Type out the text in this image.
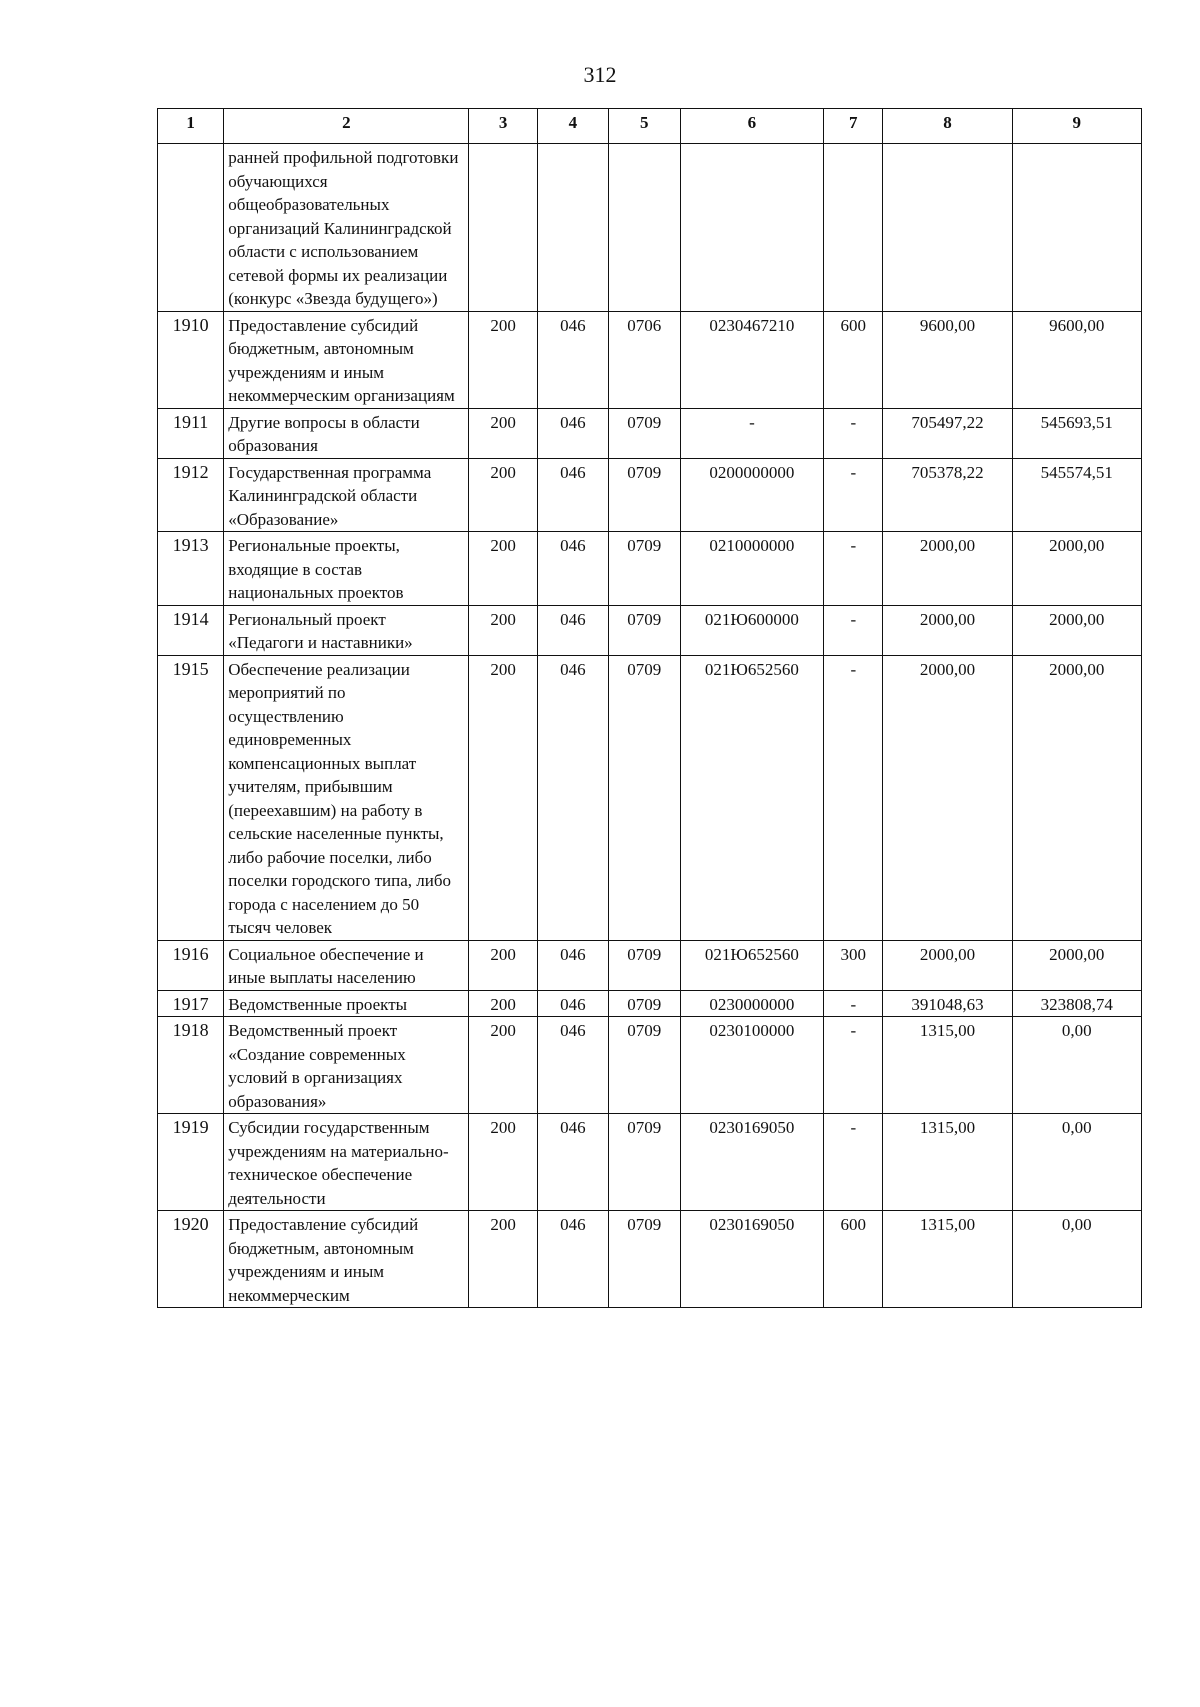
312
1	2	3	4	5	6	7	8	9
	ранней профильной подготовки обучающихся общеобразовательных организаций Калининградской области с использованием сетевой формы их реализации (конкурс «Звезда будущего»)							
1910	Предоставление субсидий бюджетным, автономным учреждениям и иным некоммерческим организациям	200	046	0706	0230467210	600	9600,00	9600,00
1911	Другие вопросы в области образования	200	046	0709	-	-	705497,22	545693,51
1912	Государственная программа Калининградской области «Образование»	200	046	0709	0200000000	-	705378,22	545574,51
1913	Региональные проекты, входящие в состав национальных проектов	200	046	0709	0210000000	-	2000,00	2000,00
1914	Региональный проект «Педагоги и наставники»	200	046	0709	021Ю600000	-	2000,00	2000,00
1915	Обеспечение реализации мероприятий по осуществлению единовременных компенсационных выплат учителям, прибывшим (переехавшим) на работу в сельские населенные пункты, либо рабочие поселки, либо поселки городского типа, либо города с населением до 50 тысяч человек	200	046	0709	021Ю652560	-	2000,00	2000,00
1916	Социальное обеспечение и иные выплаты населению	200	046	0709	021Ю652560	300	2000,00	2000,00
1917	Ведомственные проекты	200	046	0709	0230000000	-	391048,63	323808,74
1918	Ведомственный проект «Создание современных условий в организациях образования»	200	046	0709	0230100000	-	1315,00	0,00
1919	Субсидии государственным учреждениям на материально-техническое обеспечение деятельности	200	046	0709	0230169050	-	1315,00	0,00
1920	Предоставление субсидий бюджетным, автономным учреждениям и иным некоммерческим	200	046	0709	0230169050	600	1315,00	0,00
